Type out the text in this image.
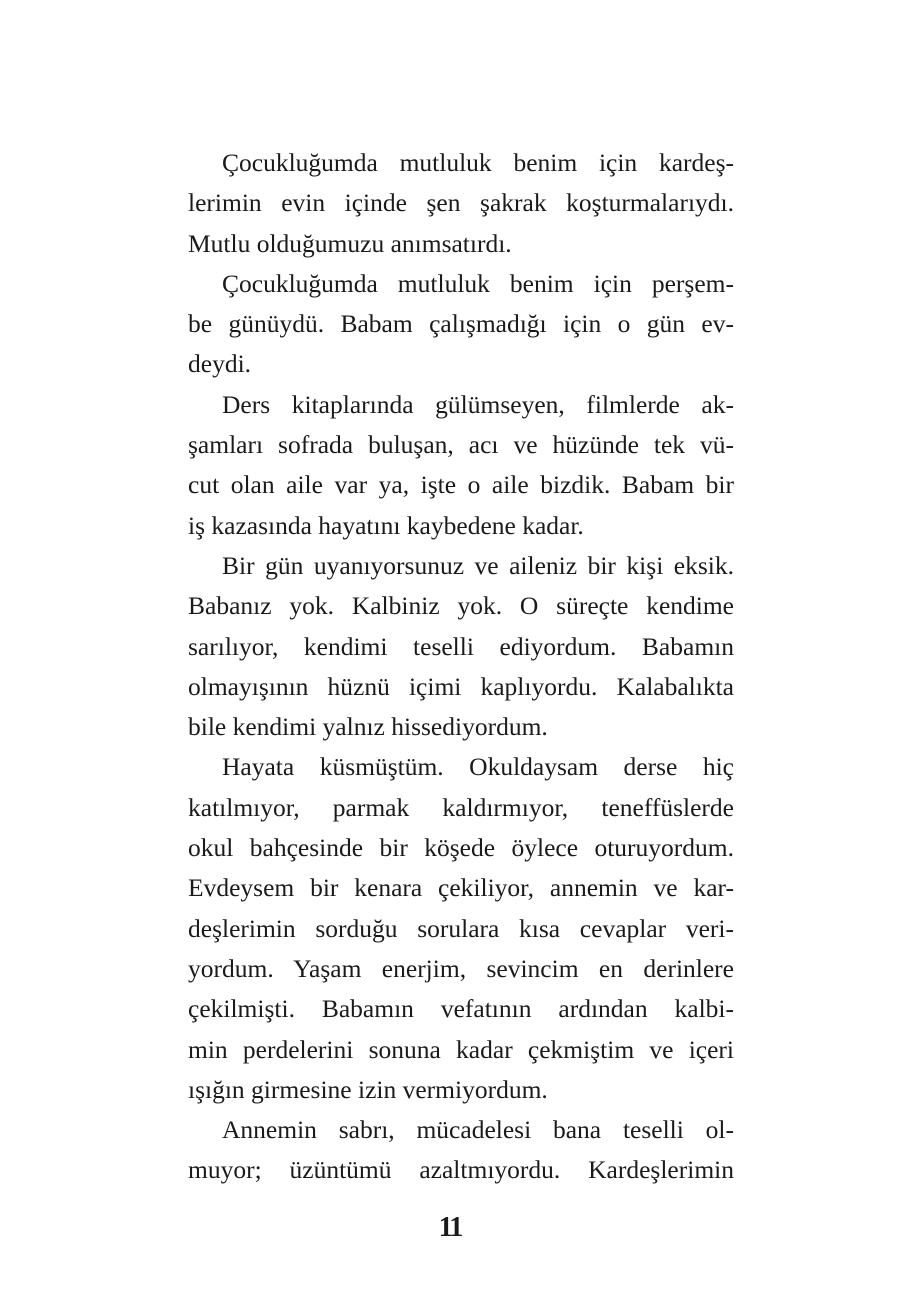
Çocukluğumda mutluluk benim için kardeş-
lerimin evin içinde şen şakrak koşturmalarıydı.
Mutlu olduğumuzu anımsatırdı.
Çocukluğumda mutluluk benim için perşem-
be günüydü. Babam çalışmadığı için o gün ev-
deydi.
Ders kitaplarında gülümseyen, filmlerde ak-
şamları sofrada buluşan, acı ve hüzünde tek vü-
cut olan aile var ya, işte o aile bizdik. Babam bir
iş kazasında hayatını kaybedene kadar.
Bir gün uyanıyorsunuz ve aileniz bir kişi eksik.
Babanız yok. Kalbiniz yok. O süreçte kendime
sarılıyor, kendimi teselli ediyordum. Babamın
olmayışının hüznü içimi kaplıyordu. Kalabalıkta
bile kendimi yalnız hissediyordum.
Hayata küsmüştüm. Okuldaysam derse hiç
katılmıyor, parmak kaldırmıyor, teneffüslerde
okul bahçesinde bir köşede öylece oturuyordum.
Evdeysem bir kenara çekiliyor, annemin ve kar-
deşlerimin sorduğu sorulara kısa cevaplar veri-
yordum. Yaşam enerjim, sevincim en derinlere
çekilmişti. Babamın vefatının ardından kalbi-
min perdelerini sonuna kadar çekmiştim ve içeri
ışığın girmesine izin vermiyordum.
Annemin sabrı, mücadelesi bana teselli ol-
muyor; üzüntümü azaltmıyordu. Kardeşlerimin
11
